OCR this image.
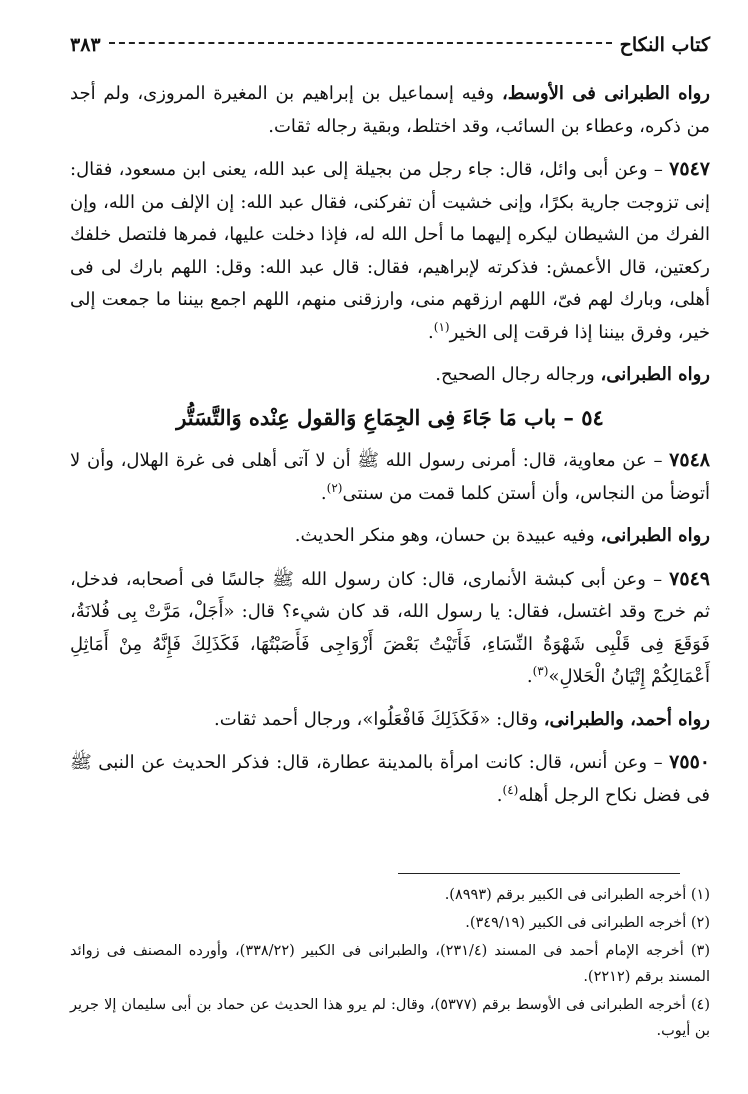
كتاب النكاح
٣٨٣

رواه الطبرانى فى الأوسط، وفيه إسماعيل بن إبراهيم بن المغيرة المروزى، ولم أجد من ذكره، وعطاء بن السائب، وقد اختلط، وبقية رجاله ثقات.

٧٥٤٧ – وعن أبى وائل، قال: جاء رجل من بجيلة إلى عبد الله، يعنى ابن مسعود، فقال: إنى تزوجت جارية بكرًا، وإنى خشيت أن تفركنى، فقال عبد الله: إن الإلف من الله، وإن الفرك من الشيطان ليكره إليهما ما أحل الله له، فإذا دخلت عليها، فمرها فلتصل خلفك ركعتين، قال الأعمش: فذكرته لإبراهيم، فقال: قال عبد الله: وقل: اللهم بارك لى فى أهلى، وبارك لهم فىّ، اللهم ارزقهم منى، وارزقنى منهم، اللهم اجمع بيننا ما جمعت إلى خير، وفرق بيننا إذا فرقت إلى الخير$^{(١)}$.

رواه الطبرانى، ورجاله رجال الصحيح.

٥٤ – باب مَا جَاءَ فِى الجِمَاعِ وَالقول عِنْده وَالتَّسَتُّر

٧٥٤٨ – عن معاوية، قال: أمرنى رسول الله ﷺ أن لا آتى أهلى فى غرة الهلال، وأن لا أتوضأ من النجاس، وأن أستن كلما قمت من سنتى$^{(٢)}$.

رواه الطبرانى، وفيه عبيدة بن حسان، وهو منكر الحديث.

٧٥٤٩ – وعن أبى كبشة الأنمارى، قال: كان رسول الله ﷺ جالسًا فى أصحابه، فدخل، ثم خرج وقد اغتسل، فقال: يا رسول الله، قد كان شيء؟ قال: «أَجَلْ، مَرَّتْ بِى فُلانَةُ، فَوَقَعَ فِى قَلْبِى شَهْوَةُ النِّسَاءِ، فَأَتَيْتُ بَعْضَ أَزْوَاجِى فَأَصَبْتُهَا، فَكَذَلِكَ فَإِنَّهُ مِنْ أَمَاثِلِ أَعْمَالِكُمْ إِتْيَانُ الْحَلالِ»$^{(٣)}$.

رواه أحمد، والطبرانى، وقال: «فَكَذَلِكَ فَافْعَلُوا»، ورجال أحمد ثقات.

٧٥٥٠ – وعن أنس، قال: كانت امرأة بالمدينة عطارة، قال: فذكر الحديث عن النبى ﷺ فى فضل نكاح الرجل أهله$^{(٤)}$.

(١) أخرجه الطبرانى فى الكبير برقم (٨٩٩٣).

(٢) أخرجه الطبرانى فى الكبير (٣٤٩/١٩).

(٣) أخرجه الإمام أحمد فى المسند (٢٣١/٤)، والطبرانى فى الكبير (٣٣٨/٢٢)، وأورده المصنف فى زوائد المسند برقم (٢٢١٢).

(٤) أخرجه الطبرانى فى الأوسط برقم (٥٣٧٧)، وقال: لم يرو هذا الحديث عن حماد بن أبى سليمان إلا جرير بن أيوب.
